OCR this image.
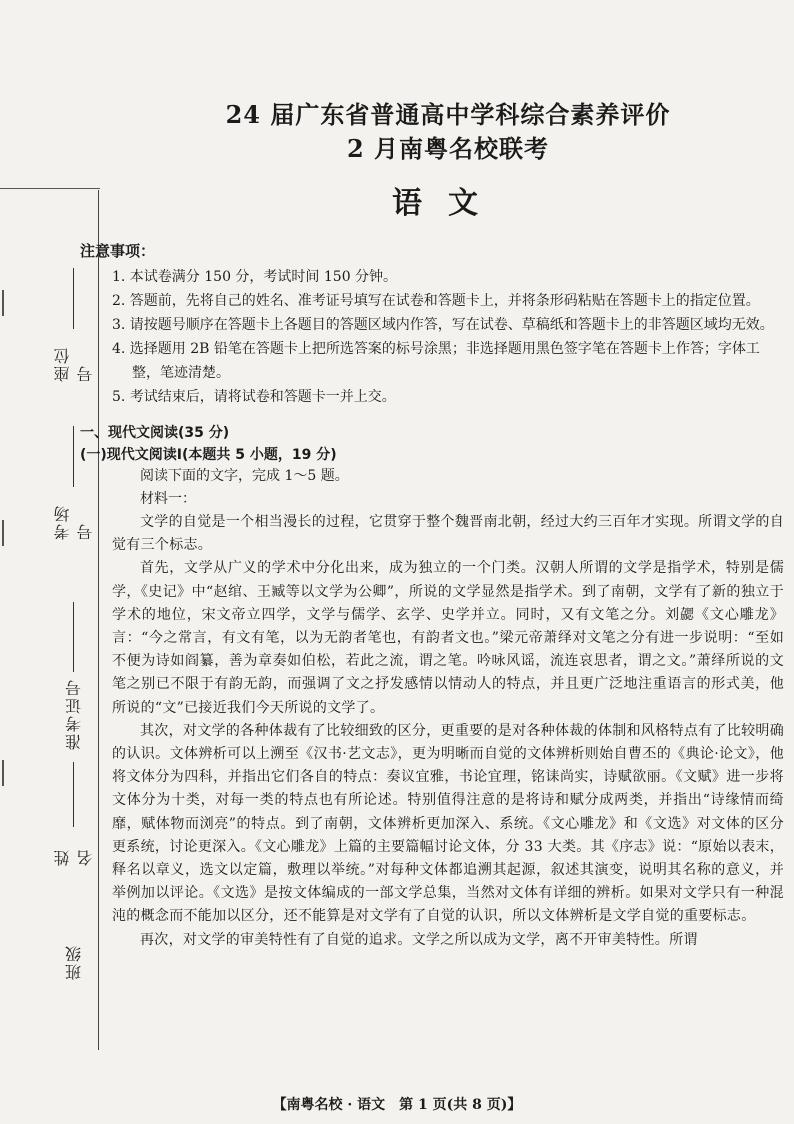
座位号
考场号
准考证号
姓名
班级
24 届广东省普通高中学科综合素养评价
2 月南粤名校联考
语文
注意事项：
1. 本试卷满分 150 分，考试时间 150 分钟。
2. 答题前，先将自己的姓名、准考证号填写在试卷和答题卡上，并将条形码粘贴在答题卡上的指定位置。
3. 请按题号顺序在答题卡上各题目的答题区域内作答，写在试卷、草稿纸和答题卡上的非答题区域均无效。
4. 选择题用 2B 铅笔在答题卡上把所选答案的标号涂黑；非选择题用黑色签字笔在答题卡上作答；字体工整，笔迹清楚。
5. 考试结束后，请将试卷和答题卡一并上交。
一、现代文阅读(35 分)
(一)现代文阅读Ⅰ(本题共 5 小题，19 分)

阅读下面的文字，完成 1～5 题。

材料一：

文学的自觉是一个相当漫长的过程，它贯穿于整个魏晋南北朝，经过大约三百年才实现。所谓文学的自觉有三个标志。

首先，文学从广义的学术中分化出来，成为独立的一个门类。汉朝人所谓的文学是指学术，特别是儒学，《史记》中“赵绾、王臧等以文学为公卿”，所说的文学显然是指学术。到了南朝，文学有了新的独立于学术的地位，宋文帝立四学，文学与儒学、玄学、史学并立。同时，又有文笔之分。刘勰《文心雕龙》言：“今之常言，有文有笔，以为无韵者笔也，有韵者文也。”梁元帝萧绎对文笔之分有进一步说明：“至如不便为诗如阎纂，善为章奏如伯松，若此之流，谓之笔。吟咏风谣，流连哀思者，谓之文。”萧绎所说的文笔之别已不限于有韵无韵，而强调了文之抒发感情以情动人的特点，并且更广泛地注重语言的形式美，他所说的“文”已接近我们今天所说的文学了。

其次，对文学的各种体裁有了比较细致的区分，更重要的是对各种体裁的体制和风格特点有了比较明确的认识。文体辨析可以上溯至《汉书·艺文志》，更为明晰而自觉的文体辨析则始自曹丕的《典论·论文》，他将文体分为四科，并指出它们各自的特点：奏议宜雅，书论宜理，铭诔尚实，诗赋欲丽。《文赋》进一步将文体分为十类，对每一类的特点也有所论述。特别值得注意的是将诗和赋分成两类，并指出“诗缘情而绮靡，赋体物而浏亮”的特点。到了南朝，文体辨析更加深入、系统。《文心雕龙》和《文选》对文体的区分更系统，讨论更深入。《文心雕龙》上篇的主要篇幅讨论文体，分 33 大类。其《序志》说：“原始以表末，释名以章义，选文以定篇，敷理以举统。”对每种文体都追溯其起源，叙述其演变，说明其名称的意义，并举例加以评论。《文选》是按文体编成的一部文学总集，当然对文体有详细的辨析。如果对文学只有一种混沌的概念而不能加以区分，还不能算是对文学有了自觉的认识，所以文体辨析是文学自觉的重要标志。

再次，对文学的审美特性有了自觉的追求。文学之所以成为文学，离不开审美特性。所谓

【南粤名校 · 语文　第 1 页(共 8 页)】
